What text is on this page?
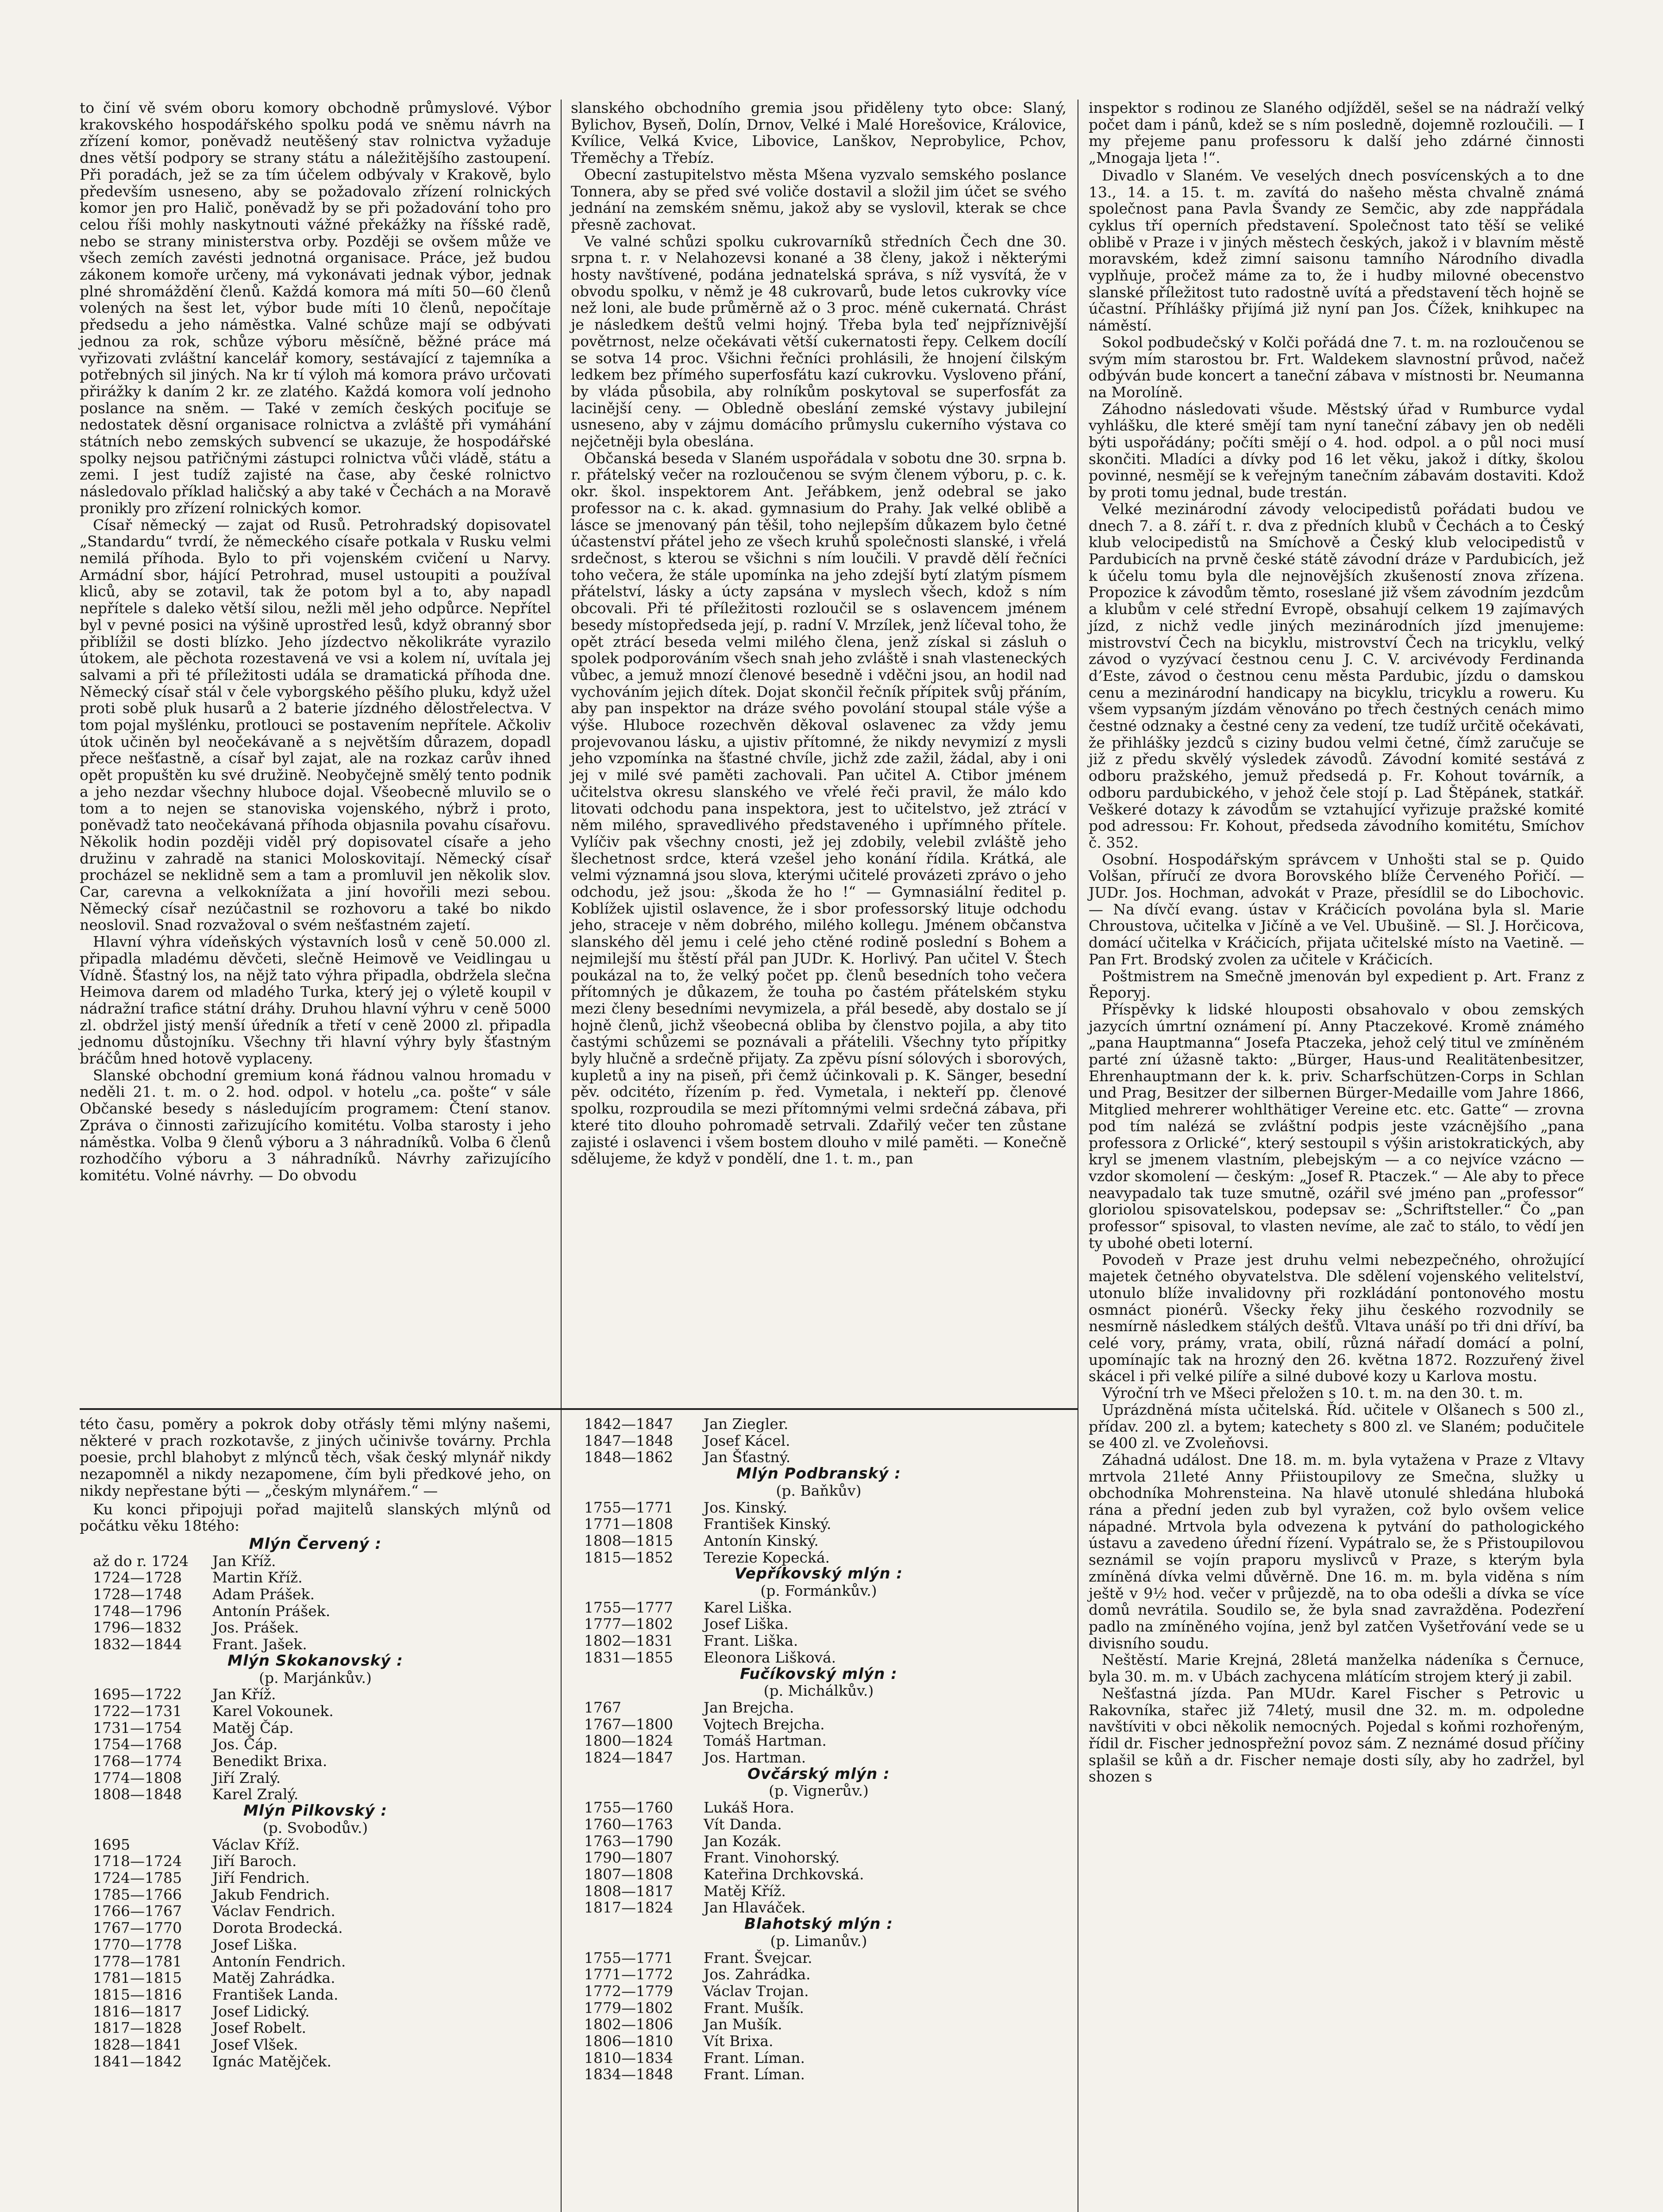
to činí vě svém oboru komory obchodně průmyslové. Výbor krakovského hospodářského spolku podá ve sněmu návrh na zřízení komor, poněvadž neutěšený stav rolnictva vyžaduje dnes větší podpory se strany státu a náležitějšího zastoupení. Při poradách, jež se za tím účelem odbývaly v Krakově, bylo především usneseno, aby se požadovalo zřízení rolnických komor jen pro Halič, poněvadž by se při požadování toho pro celou říši mohly naskytnouti vážné překážky na říšské radě, nebo se strany ministerstva orby. Později se ovšem může ve všech zemích zavésti jednotná organisace. Práce, jež budou zákonem komoře určeny, má vykonávati jednak výbor, jednak plné shromáždění členů. Každá komora má míti 50—60 členů volených na šest let, výbor bude míti 10 členů, nepočítaje předsedu a jeho náměstka. Valné schůze mají se odbývati jednou za rok, schůze výboru měsíčně, běžné práce má vyřizovati zvláštní kancelář komory, sestávající z tajemníka a potřebných sil jiných. Na kr tí výloh má komora právo určovati přirážky k daním 2 kr. ze zlatého. Každá komora volí jednoho poslance na sněm. — Také v zemích českých pociťuje se nedostatek děsní organisace rolnictva a zvláště při vymáhání státních nebo zemských subvencí se ukazuje, že hospodářské spolky nejsou patřičnými zástupci rolnictva vůči vládě, státu a zemi. I jest tudíž zajisté na čase, aby české rolnictvo následovalo příklad haličský a aby také v Čechách a na Moravě pronikly pro zřízení rolnických komor.

Císař německý — zajat od Rusů. Petrohradský dopisovatel „Standardu“ tvrdí, že německého císaře potkala v Rusku velmi nemilá příhoda. Bylo to při vojenském cvičení u Narvy. Armádní sbor, hájící Petrohrad, musel ustoupiti a používal kliců, aby se zotavil, tak že potom byl a to, aby napadl nepřítele s daleko větší silou, nežli měl jeho odpůrce. Nepřítel byl v pevné posici na výšině uprostřed lesů, když obranný sbor přiblížil se dosti blízko. Jeho jízdectvo několikráte vyrazilo útokem, ale pěchota rozestavená ve vsi a kolem ní, uvítala jej salvami a při té příležitosti udála se dramatická příhoda dne. Německý císař stál v čele vyborgského pěšího pluku, když užel proti sobě pluk husarů a 2 baterie jízdného dělostřelectva. V tom pojal myšlénku, protlouci se postavením nepřítele. Ačkoliv útok učiněn byl neočekávaně a s největším důrazem, dopadl přece nešťastně, a císař byl zajat, ale na rozkaz carův ihned opět propuštěn ku své družině. Neobyčejně smělý tento podnik a jeho nezdar všechny hluboce dojal. Všeobecně mluvilo se o tom a to nejen se stanoviska vojenského, nýbrž i proto, poněvadž tato neočekávaná příhoda objasnila povahu císařovu. Několik hodin později viděl prý dopisovatel císaře a jeho družinu v zahradě na stanici Moloskovitají. Německý císař procházel se neklidně sem a tam a promluvil jen několik slov. Car, carevna a velkoknížata a jiní hovořili mezi sebou. Německý císař nezúčastnil se rozhovoru a také bo nikdo neoslovil. Snad rozvažoval o svém nešťastném zajetí.

Hlavní výhra vídeňských výstavních losů v ceně 50.000 zl. připadla mladému děvčeti, slečně Heimově ve Veidlingau u Vídně. Šťastný los, na nějž tato výhra připadla, obdržela slečna Heimova darem od mladého Turka, který jej o výletě koupil v nádražní trafice státní dráhy. Druhou hlavní výhru v ceně 5000 zl. obdržel jistý menší úředník a třetí v ceně 2000 zl. připadla jednomu důstojníku. Všechny tři hlavní výhry byly šťastným bráčům hned hotově vyplaceny.

Slanské obchodní gremium koná řádnou valnou hromadu v neděli 21. t. m. o 2. hod. odpol. v hotelu „ca. pošte“ v sále Občanské besedy s následujícím programem: Čtení stanov. Zpráva o činnosti zařizujícího komitétu. Volba starosty i jeho náměstka. Volba 9 členů výboru a 3 náhradníků. Volba 6 členů rozhodčího výboru a 3 náhradníků. Návrhy zařizujícího komitétu. Volné návrhy. — Do obvodu

slanského obchodního gremia jsou přiděleny tyto obce: Slaný, Bylichov, Byseň, Dolín, Drnov, Velké i Malé Horešovice, Královice, Kvílice, Velká Kvice, Libovice, Lanškov, Neprobylice, Pchov, Třeměchy a Třebíz.

Obecní zastupitelstvo města Mšena vyzvalo semského poslance Tonnera, aby se před své voliče dostavil a složil jim účet se svého jednání na zemském sněmu, jakož aby se vyslovil, kterak se chce přesně zachovat.

Ve valné schůzi spolku cukrovarníků středních Čech dne 30. srpna t. r. v Nelahozevsi konané a 38 členy, jakož i některými hosty navštívené, podána jednatelská správa, s níž vysvítá, že v obvodu spolku, v němž je 48 cukrovarů, bude letos cukrovky více než loni, ale bude průměrně až o 3 proc. méně cukernatá. Chrást je následkem deštů velmi hojný. Třeba byla teď nejpříznivější povětrnost, nelze očekávati větší cukernatosti řepy. Celkem docílí se sotva 14 proc. Všichni řečníci prohlásili, že hnojení čilským ledkem bez přímého superfosfátu kazí cukrovku. Vysloveno přání, by vláda působila, aby rolníkům poskytoval se superfosfát za lacinější ceny. — Obledně obeslání zemské výstavy jubilejní usneseno, aby v zájmu domácího průmyslu cukerního výstava co nejčetněji byla obeslána.

Občanská beseda v Slaném uspořádala v sobotu dne 30. srpna b. r. přátelský večer na rozloučenou se svým členem výboru, p. c. k. okr. škol. inspektorem Ant. Jeřábkem, jenž odebral se jako professor na c. k. akad. gymnasium do Prahy. Jak velké oblibě a lásce se jmenovaný pán těšil, toho nejlepším důkazem bylo četné účastenství přátel jeho ze všech kruhů společnosti slanské, i vřelá srdečnost, s kterou se všichni s ním loučili. V pravdě dělí řečníci toho večera, že stále upomínka na jeho zdejší bytí zlatým písmem přátelství, lásky a úcty zapsána v myslech všech, kdož s ním obcovali. Při té příležitosti rozloučil se s oslavencem jménem besedy místopředseda její, p. radní V. Mrzílek, jenž líčeval toho, že opět ztrácí beseda velmi milého člena, jenž získal si zásluh o spolek podporováním všech snah jeho zvláště i snah vlasteneckých vůbec, a jemuž mnozí členové besedně i vděčni jsou, an hodil nad vychováním jejich dítek. Dojat skončil řečník přípitek svůj přáním, aby pan inspektor na dráze svého povolání stoupal stále výše a výše. Hluboce rozechvěn děkoval oslavenec za vždy jemu projevovanou lásku, a ujistiv přítomné, že nikdy nevymizí z mysli jeho vzpomínka na šťastné chvíle, jichž zde zažil, žádal, aby i oni jej v milé své paměti zachovali. Pan učitel A. Ctibor jménem učitelstva okresu slanského ve vřelé řeči pravil, že málo kdo litovati odchodu pana inspektora, jest to učitelstvo, jež ztrácí v něm milého, spravedlivého představeného i upřímného přítele. Vylíčiv pak všechny cnosti, jež jej zdobily, velebil zvláště jeho šlechetnost srdce, která vzešel jeho konání řídila. Krátká, ale velmi významná jsou slova, kterými učitelé provázeti zprávo o jeho odchodu, jež jsou: „škoda že ho !“ — Gymnasiální ředitel p. Koblížek ujistil oslavence, že i sbor professorský lituje odchodu jeho, straceje v něm dobrého, milého kollegu. Jménem občanstva slanského děl jemu i celé jeho ctěné rodině poslední s Bohem a nejmilejší mu štěstí přál pan JUDr. K. Horlivý. Pan učitel V. Štech poukázal na to, že velký počet pp. členů besedních toho večera přítomných je důkazem, že touha po častém přátelském styku mezi členy besedními nevymizela, a přál besedě, aby dostalo se jí hojně členů, jichž všeobecná obliba by členstvo pojila, a aby tito častými schůzemi se poznávali a přátelili. Všechny tyto přípitky byly hlučně a srdečně přijaty. Za zpěvu písní sólových i sborových, kupletů a iny na piseň, při čemž účinkovali p. K. Sänger, besední pěv. odcitéto, řízením p. řed. Vymetala, i nekteří pp. členové spolku, rozproudila se mezi přítomnými velmi srdečná zábava, při které tito dlouho pohromadě setrvali. Zdařilý večer ten zůstane zajisté i oslavenci i všem bostem dlouho v milé paměti. — Konečně sdělujeme, že když v pondělí, dne 1. t. m., pan

inspektor s rodinou ze Slaného odjížděl, sešel se na nádraží velký počet dam i pánů, kdež se s ním posledně, dojemně rozloučili. — I my přejeme panu professoru k další jeho zdárné činnosti „Mnogaja ljeta !“.

Divadlo v Slaném. Ve veselých dnech posvícenských a to dne 13., 14. a 15. t. m. zavítá do našeho města chvalně známá společnost pana Pavla Švandy ze Semčic, aby zde nappřádala cyklus tří operních představení. Společnost tato těší se veliké oblibě v Praze i v jiných městech českých, jakož i v blavním městě moravském, kdež zimní saisonu tamního Národního divadla vyplňuje, pročež máme za to, že i hudby milovné obecenstvo slanské příležitost tuto radostně uvítá a představení těch hojně se účastní. Příhlášky přijímá již nyní pan Jos. Čížek, knihkupec na náměstí.

Sokol podbudečský v Kolči pořádá dne 7. t. m. na rozloučenou se svým mím starostou br. Frt. Waldekem slavnostní průvod, načež odbýván bude koncert a taneční zábava v místnosti br. Neumanna na Morolíně.

Záhodno následovati všude. Městský úřad v Rumburce vydal vyhlášku, dle které smějí tam nyní taneční zábavy jen ob neděli býti uspořádány; počíti smějí o 4. hod. odpol. a o půl noci musí skončiti. Mladíci a dívky pod 16 let věku, jakož i dítky, školou povinné, nesmějí se k veřejným tanečním zábavám dostaviti. Kdož by proti tomu jednal, bude trestán.

Velké mezinárodní závody velocipedistů pořádati budou ve dnech 7. a 8. září t. r. dva z předních klubů v Čechách a to Český klub velocipedistů na Smíchově a Český klub velocipedistů v Pardubicích na prvně české státě závodní dráze v Pardubicích, jež k účelu tomu byla dle nejnovějších zkušeností znova zřízena. Propozice k závodům těmto, roseslané již všem závodním jezdcům a klubům v celé střední Evropě, obsahují celkem 19 zajímavých jízd, z nichž vedle jiných mezinárodních jízd jmenujeme: mistrovství Čech na bicyklu, mistrovství Čech na tricyklu, velký závod o vyzývací čestnou cenu J. C. V. arcivévody Ferdinanda d’Este, závod o čestnou cenu města Pardubic, jízdu o damskou cenu a mezinárodní handicapy na bicyklu, tricyklu a roweru. Ku všem vypsaným jízdám věnováno po třech čestných cenách mimo čestné odznaky a čestné ceny za vedení, tze tudíž určitě očekávati, že přihlášky jezdců s ciziny budou velmi četné, čímž zaručuje se již z předu skvělý výsledek závodů. Závodní komité sestává z odboru pražského, jemuž předsedá p. Fr. Kohout továrník, a odboru pardubického, v jehož čele stojí p. Lad Štěpánek, statkář. Veškeré dotazy k závodům se vztahující vyřizuje pražské komité pod adressou: Fr. Kohout, předseda závodního komitétu, Smíchov č. 352.

Osobní. Hospodářským správcem v Unhošti stal se p. Quido Volšan, příručí ze dvora Borovského blíže Červeného Pořičí. — JUDr. Jos. Hochman, advokát v Praze, přesídlil se do Libochovic. — Na dívčí evang. ústav v Kráčicích povolána byla sl. Marie Chroustova, učitelka v Jičíně a ve Vel. Ubušině. — Sl. J. Horčicova, domácí učitelka v Kráčicích, přijata učitelské místo na Vaetině. — Pan Frt. Brodský zvolen za učitele v Kráčicích.

Poštmistrem na Smečně jmenován byl expedient p. Art. Franz z Řeporyj.

Příspěvky k lidské hlouposti obsahovalo v obou zemských jazycích úmrtní oznámení pí. Anny Ptaczekové. Kromě známého „pana Hauptmanna“ Josefa Ptaczeka, jehož celý titul ve zmíněném parté zní úžasně takto: „Bürger, Haus-und Realitätenbesitzer, Ehrenhauptmann der k. k. priv. Scharfschützen-Corps in Schlan und Prag, Besitzer der silbernen Bürger-Medaille vom Jahre 1866, Mitglied mehrerer wohlthätiger Vereine etc. etc. Gatte“ — zrovna pod tím nalézá se zvláštní podpis jeste vzácnějšího „pana professora z Orlické“, který sestoupil s výšin aristokratických, aby kryl se jmenem vlastním, plebejským — a co nejvíce vzácno — vzdor skomolení — českým: „Josef R. Ptaczek.“ — Ale aby to přece neavypadalo tak tuze smutně, ozářil své jméno pan „professor“ gloriolou spisovatelskou, podepsav se: „Schriftsteller.“ Čo „pan professor“ spisoval, to vlasten nevíme, ale zač to stálo, to vědí jen ty ubohé obeti loterní.

Povodeň v Praze jest druhu velmi nebezpečného, ohrožující majetek četného obyvatelstva. Dle sdělení vojenského velitelství, utonulo blíže invalidovny při rozkládání pontonového mostu osmnáct pionérů. Všecky řeky jihu českého rozvodnily se nesmírně následkem stálých dešťů. Vltava unáší po tři dni dříví, ba celé vory, prámy, vrata, obilí, různá nářadí domácí a polní, upomínajíc tak na hrozný den 26. května 1872. Rozzuřený živel skácel i při velké pilíře a silné dubové kozy u Karlova mostu.

Výroční trh ve Mšeci přeložen s 10. t. m. na den 30. t. m.

Uprázdněná místa učitelská. Říd. učitele v Olšanech s 500 zl., přídav. 200 zl. a bytem; katechety s 800 zl. ve Slaném; podučitele se 400 zl. ve Zvoleňovsi.

Záhadná událost. Dne 18. m. m. byla vytažena v Praze z Vltavy mrtvola 21leté Anny Přiistoupilovy ze Smečna, služky u obchodníka Mohrensteina. Na hlavě utonulé shledána hluboká rána a přední jeden zub byl vyražen, což bylo ovšem velice nápadné. Mrtvola byla odvezena k pytvání do pathologického ústavu a zavedeno úřední řízení. Vypátralo se, že s Přistoupilovou seznámil se vojín praporu myslivců v Praze, s kterým byla zmíněná dívka velmi důvěrně. Dne 16. m. m. byla viděna s ním ještě v 9½ hod. večer v průjezdě, na to oba odešli a dívka se více domů nevrátila. Soudilo se, že byla snad zavražděna. Podezření padlo na zmíněného vojína, jenž byl zatčen Vyšetřování vede se u divisního soudu.

Neštěstí. Marie Krejná, 28letá manželka nádeníka s Černuce, byla 30. m. m. v Ubách zachycena mlátícím strojem který ji zabil.

Nešťastná jízda. Pan MUdr. Karel Fischer s Petrovic u Rakovníka, stařec již 74letý, musil dne 32. m. m. odpoledne navštíviti v obci několik nemocných. Pojedal s koňmi rozhořeným, řídil dr. Fischer jednospřežní povoz sám. Z neznámé dosud příčiny splašil se kůň a dr. Fischer nemaje dosti síly, aby ho zadržel, byl shozen s

této času, poměry a pokrok doby otřásly těmi mlýny našemi, některé v prach rozkotavše, z jiných učinivše továrny. Prchla poesie, prchl blahobyt z mlýnců těch, však český mlynář nikdy nezapomněl a nikdy nezapomene, čím byli předkové jeho, on nikdy nepřestane býti — „českým mlynářem.“ —

Ku konci připojuji pořad majitelů slanských mlýnů od počátku věku 18tého:

Mlýn Červený :
až do r. 1724	Jan Kříž.
1724—1728	Martin Kříž.
1728—1748	Adam Prášek.
1748—1796	Antonín Prášek.
1796—1832	Jos. Prášek.
1832—1844	Frant. Jašek.
Mlýn Skokanovský :
(p. Marjánkův.)
1695—1722	Jan Kříž.
1722—1731	Karel Vokounek.
1731—1754	Matěj Čáp.
1754—1768	Jos. Čáp.
1768—1774	Benedikt Brixa.
1774—1808	Jiří Zralý.
1808—1848	Karel Zralý.
Mlýn Pilkovský :
(p. Svobodův.)
1695	Václav Kříž.
1718—1724	Jiří Baroch.
1724—1785	Jiří Fendrich.
1785—1766	Jakub Fendrich.
1766—1767	Václav Fendrich.
1767—1770	Dorota Brodecká.
1770—1778	Josef Liška.
1778—1781	Antonín Fendrich.
1781—1815	Matěj Zahrádka.
1815—1816	František Landa.
1816—1817	Josef Lidický.
1817—1828	Josef Robelt.
1828—1841	Josef Vlšek.
1841—1842	Ignác Matějček.
1842—1847	Jan Ziegler.
1847—1848	Josef Kácel.
1848—1862	Jan Šťastný.
Mlýn Podbranský :
(p. Baňkův)
1755—1771	Jos. Kinský.
1771—1808	František Kinský.
1808—1815	Antonín Kinský.
1815—1852	Terezie Kopecká.
Vepříkovský mlýn :
(p. Formánkův.)
1755—1777	Karel Liška.
1777—1802	Josef Liška.
1802—1831	Frant. Liška.
1831—1855	Eleonora Lišková.
Fučíkovský mlýn :
(p. Michálkův.)
1767	Jan Brejcha.
1767—1800	Vojtech Brejcha.
1800—1824	Tomáš Hartman.
1824—1847	Jos. Hartman.
Ovčárský mlýn :
(p. Vignerův.)
1755—1760	Lukáš Hora.
1760—1763	Vít Danda.
1763—1790	Jan Kozák.
1790—1807	Frant. Vinohorský.
1807—1808	Kateřina Drchkovská.
1808—1817	Matěj Kříž.
1817—1824	Jan Hlaváček.
Blahotský mlýn :
(p. Limanův.)
1755—1771	Frant. Švejcar.
1771—1772	Jos. Zahrádka.
1772—1779	Václav Trojan.
1779—1802	Frant. Mušík.
1802—1806	Jan Mušík.
1806—1810	Vít Brixa.
1810—1834	Frant. Líman.
1834—1848	Frant. Líman.
